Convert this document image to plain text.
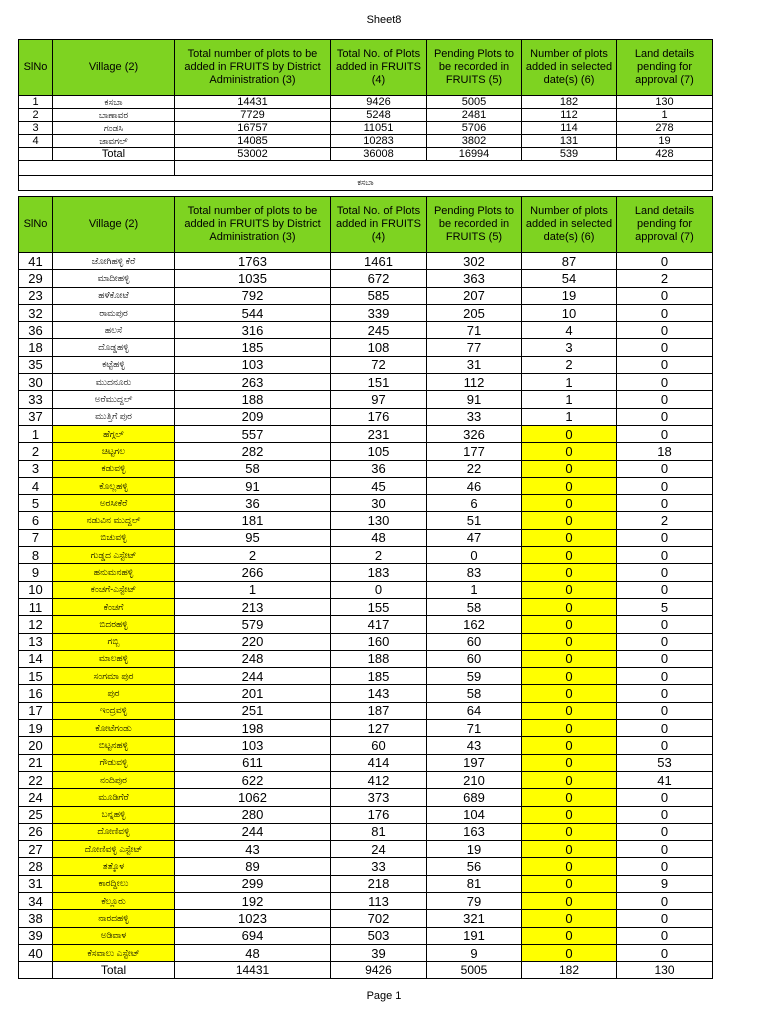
Sheet8
SlNo	Village (2)	Total number of plots to be added in FRUITS by District Administration (3)	Total No. of Plots added in FRUITS (4)	Pending Plots to be recorded in FRUITS (5)	Number of plots added in selected date(s) (6)	Land details pending for approval (7)
1	ಕಸಬಾ	14431	9426	5005	182	130
2	ಬಾಣಾವರ	7729	5248	2481	112	1
3	ಗಂಡಸಿ	16757	11051	5706	114	278
4	ಜಾವಗಲ್	14085	10283	3802	131	19
	Total	53002	36008	16994	539	428

ಕಸಬಾ						
SlNo	Village (2)	Total number of plots to be added in FRUITS by District Administration (3)	Total No. of Plots added in FRUITS (4)	Pending Plots to be recorded in FRUITS (5)	Number of plots added in selected date(s) (6)	Land details pending for approval (7)
41	ಜೋಗಿಹಳ್ಳಿ ಕೆರೆ	1763	1461	302	87	0
29	ಮಾದೀಹಳ್ಳಿ	1035	672	363	54	2
23	ಹಳೆಕೋಟೆ	792	585	207	19	0
32	ರಾಮಪುರ	544	339	205	10	0
36	ಹಲಸೆ	316	245	71	4	0
18	ದೊಡ್ಡಹಳ್ಳಿ	185	108	77	3	0
35	ಕಟ್ಟೆಹಳ್ಳಿ	103	72	31	2	0
30	ಮುದನೂರು	263	151	112	1	0
33	ಅರೆಮುದ್ದಲ್	188	97	91	1	0
37	ಮುತ್ತಿಗೆ ಪುರ	209	176	33	1	0
1	ಹೆಗ್ಗಲ್	557	231	326	0	0
2	ಚಿಟ್ಟಗಲ	282	105	177	0	18
3	ಕಡುವಳ್ಳಿ	58	36	22	0	0
4	ಕೊಲ್ಲಹಳ್ಳಿ	91	45	46	0	0
5	ಅರಸೀಕೆರೆ	36	30	6	0	0
6	ನಡುವಿನ ಮುದ್ದಲ್	181	130	51	0	2
7	ಬಿಚುವಳ್ಳಿ	95	48	47	0	0
8	ಗುಡ್ಡದ ಎಸ್ಟೇಟ್	2	2	0	0	0
9	ಹನುಮನಹಳ್ಳಿ	266	183	83	0	0
10	ಕಂಚಗೆ-ಎಸ್ಟೇಟ್	1	0	1	0	0
11	ಕೆಂಚಗೆ	213	155	58	0	5
12	ಬಿದರಹಳ್ಳಿ	579	417	162	0	0
13	ಗಬ್ಬಿ	220	160	60	0	0
14	ಮಾಲಹಳ್ಳಿ	248	188	60	0	0
15	ಸಂಗಮಾ ಪುರ	244	185	59	0	0
16	ಪುರ	201	143	58	0	0
17	ಇಂದ್ರವಳ್ಳಿ	251	187	64	0	0
19	ಕೋಟೆಗಂಡು	198	127	71	0	0
20	ಬಿಟ್ಟನಹಳ್ಳಿ	103	60	43	0	0
21	ಗೌಡುವಳ್ಳಿ	611	414	197	0	53
22	ನಂದಿಪುರ	622	412	210	0	41
24	ಮೂಡಿಗೆರೆ	1062	373	689	0	0
25	ಬನ್ನಹಳ್ಳಿ	280	176	104	0	0
26	ದೋಣಿವಳ್ಳಿ	244	81	163	0	0
27	ದೋಣಿವಳ್ಳಿ ಎಸ್ಟೇಟ್	43	24	19	0	0
28	ತತ್ಕೊಳ	89	33	56	0	0
31	ಕಾರದ್ದೀಲು	299	218	81	0	9
34	ಕೆಲ್ಲೂರು	192	113	79	0	0
38	ನಾರದಹಳ್ಳಿ	1023	702	321	0	0
39	ಅಡಿವಾಳ	694	503	191	0	0
40	ಕೆಸವಾಲು ಎಸ್ಟೇಟ್	48	39	9	0	0
	Total	14431	9426	5005	182	130
Page 1
